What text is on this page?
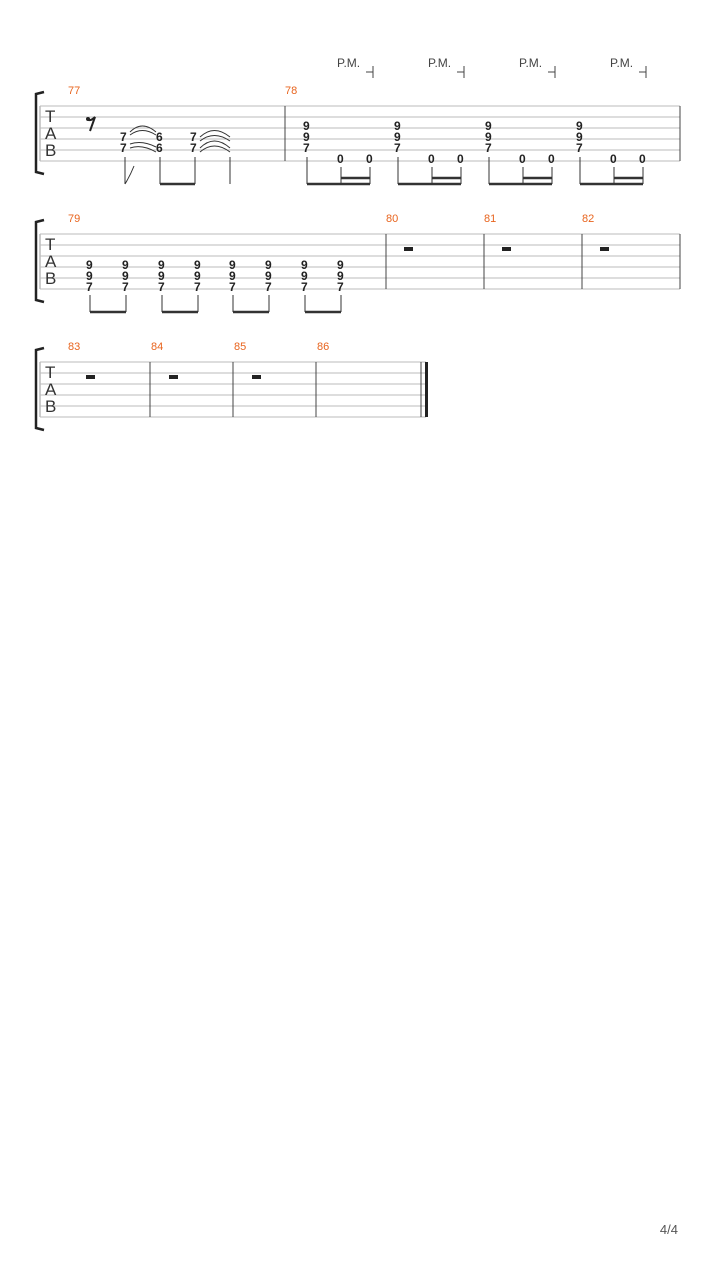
T
A
B
77	78
7
7
6
6
7
7
P.M.	P.M.	P.M.	P.M.
9
9
7
0 0
9
9
7
0 0
9
9
7
0 0
9
9
7
0 0
T
A
B
79	80	81	82
9
9
7
9
9
7
9
9
7
9
9
7
9
9
7
9
9
7
9
9
7
9
9
7
T
A
B
83	84	85	86
4/4
